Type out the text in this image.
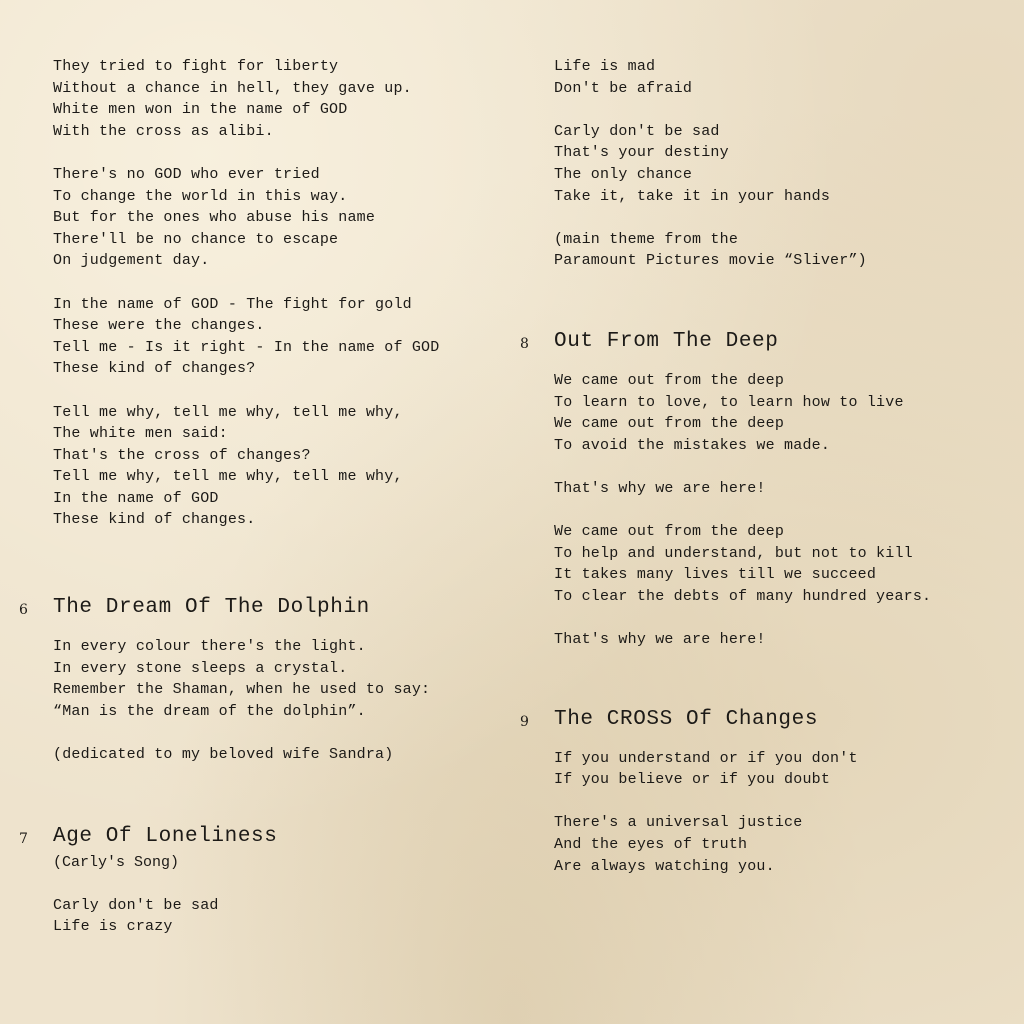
They tried to fight for liberty
Without a chance in hell, they gave up.
White men won in the name of GOD
With the cross as alibi.
There's no GOD who ever tried
To change the world in this way.
But for the ones who abuse his name
There'll be no chance to escape
On judgement day.
In the name of GOD - The fight for gold
These were the changes.
Tell me - Is it right - In the name of GOD
These kind of changes?
Tell me why, tell me why, tell me why,
The white men said:
That's the cross of changes?
Tell me why, tell me why, tell me why,
In the name of GOD
These kind of changes.
6 The Dream Of The Dolphin
In every colour there's the light.
In every stone sleeps a crystal.
Remember the Shaman, when he used to say:
“Man is the dream of the dolphin”.
(dedicated to my beloved wife Sandra)
7 Age Of Loneliness
(Carly's Song)
Carly don't be sad
Life is crazy
Life is mad
Don't be afraid
Carly don't be sad
That's your destiny
The only chance
Take it, take it in your hands
(main theme from the
Paramount Pictures movie “Sliver”)
8 Out From The Deep
We came out from the deep
To learn to love, to learn how to live
We came out from the deep
To avoid the mistakes we made.
That's why we are here!
We came out from the deep
To help and understand, but not to kill
It takes many lives till we succeed
To clear the debts of many hundred years.
That's why we are here!
9 The CROSS Of Changes
If you understand or if you don't
If you believe or if you doubt
There's a universal justice
And the eyes of truth
Are always watching you.
